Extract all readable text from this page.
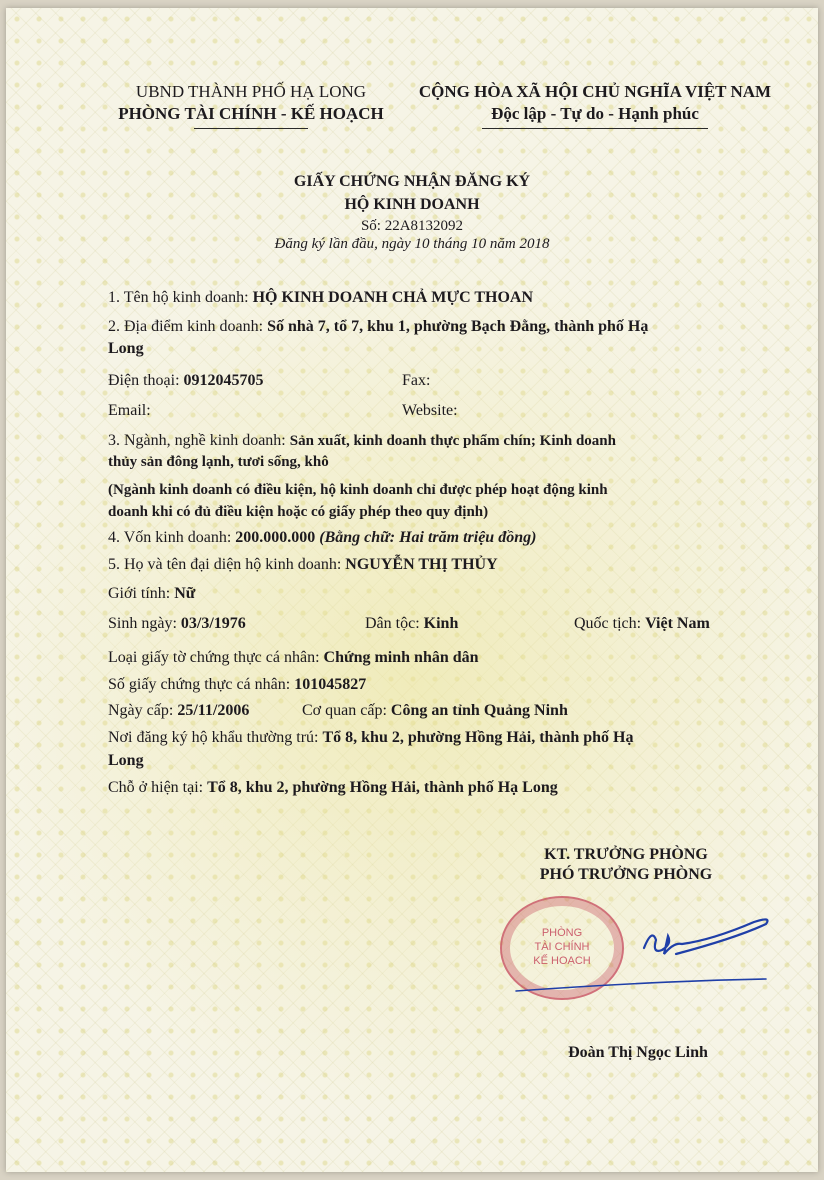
UBND THÀNH PHỐ HẠ LONG
PHÒNG TÀI CHÍNH - KẾ HOẠCH
CỘNG HÒA XÃ HỘI CHỦ NGHĨA VIỆT NAM
Độc lập - Tự do - Hạnh phúc
GIẤY CHỨNG NHẬN ĐĂNG KÝ
HỘ KINH DOANH
Số: 22A8132092
Đăng ký lần đầu, ngày 10 tháng 10 năm 2018
1. Tên hộ kinh doanh: HỘ KINH DOANH CHẢ MỰC THOAN
2. Địa điểm kinh doanh: Số nhà 7, tổ 7, khu 1, phường Bạch Đằng, thành phố Hạ
Long
Điện thoại: 0912045705	Fax:
Email:	Website:
3. Ngành, nghề kinh doanh: Sản xuất, kinh doanh thực phẩm chín; Kinh doanh
thủy sản đông lạnh, tươi sống, khô
(Ngành kinh doanh có điều kiện, hộ kinh doanh chỉ được phép hoạt động kinh
doanh khi có đủ điều kiện hoặc có giấy phép theo quy định)
4. Vốn kinh doanh: 200.000.000 (Bằng chữ: Hai trăm triệu đồng)
5. Họ và tên đại diện hộ kinh doanh: NGUYỄN THỊ THỦY
Giới tính: Nữ
Sinh ngày: 03/3/1976	Dân tộc: Kinh	Quốc tịch: Việt Nam
Loại giấy tờ chứng thực cá nhân: Chứng minh nhân dân
Số giấy chứng thực cá nhân: 101045827
Ngày cấp: 25/11/2006	Cơ quan cấp: Công an tỉnh Quảng Ninh
Nơi đăng ký hộ khẩu thường trú: Tổ 8, khu 2, phường Hồng Hải, thành phố Hạ
Long
Chỗ ở hiện tại: Tổ 8, khu 2, phường Hồng Hải, thành phố Hạ Long
KT. TRƯỞNG PHÒNG
PHÓ TRƯỞNG PHÒNG
PHÒNG
TÀI CHÍNH
KẾ HOẠCH
Đoàn Thị Ngọc Linh
